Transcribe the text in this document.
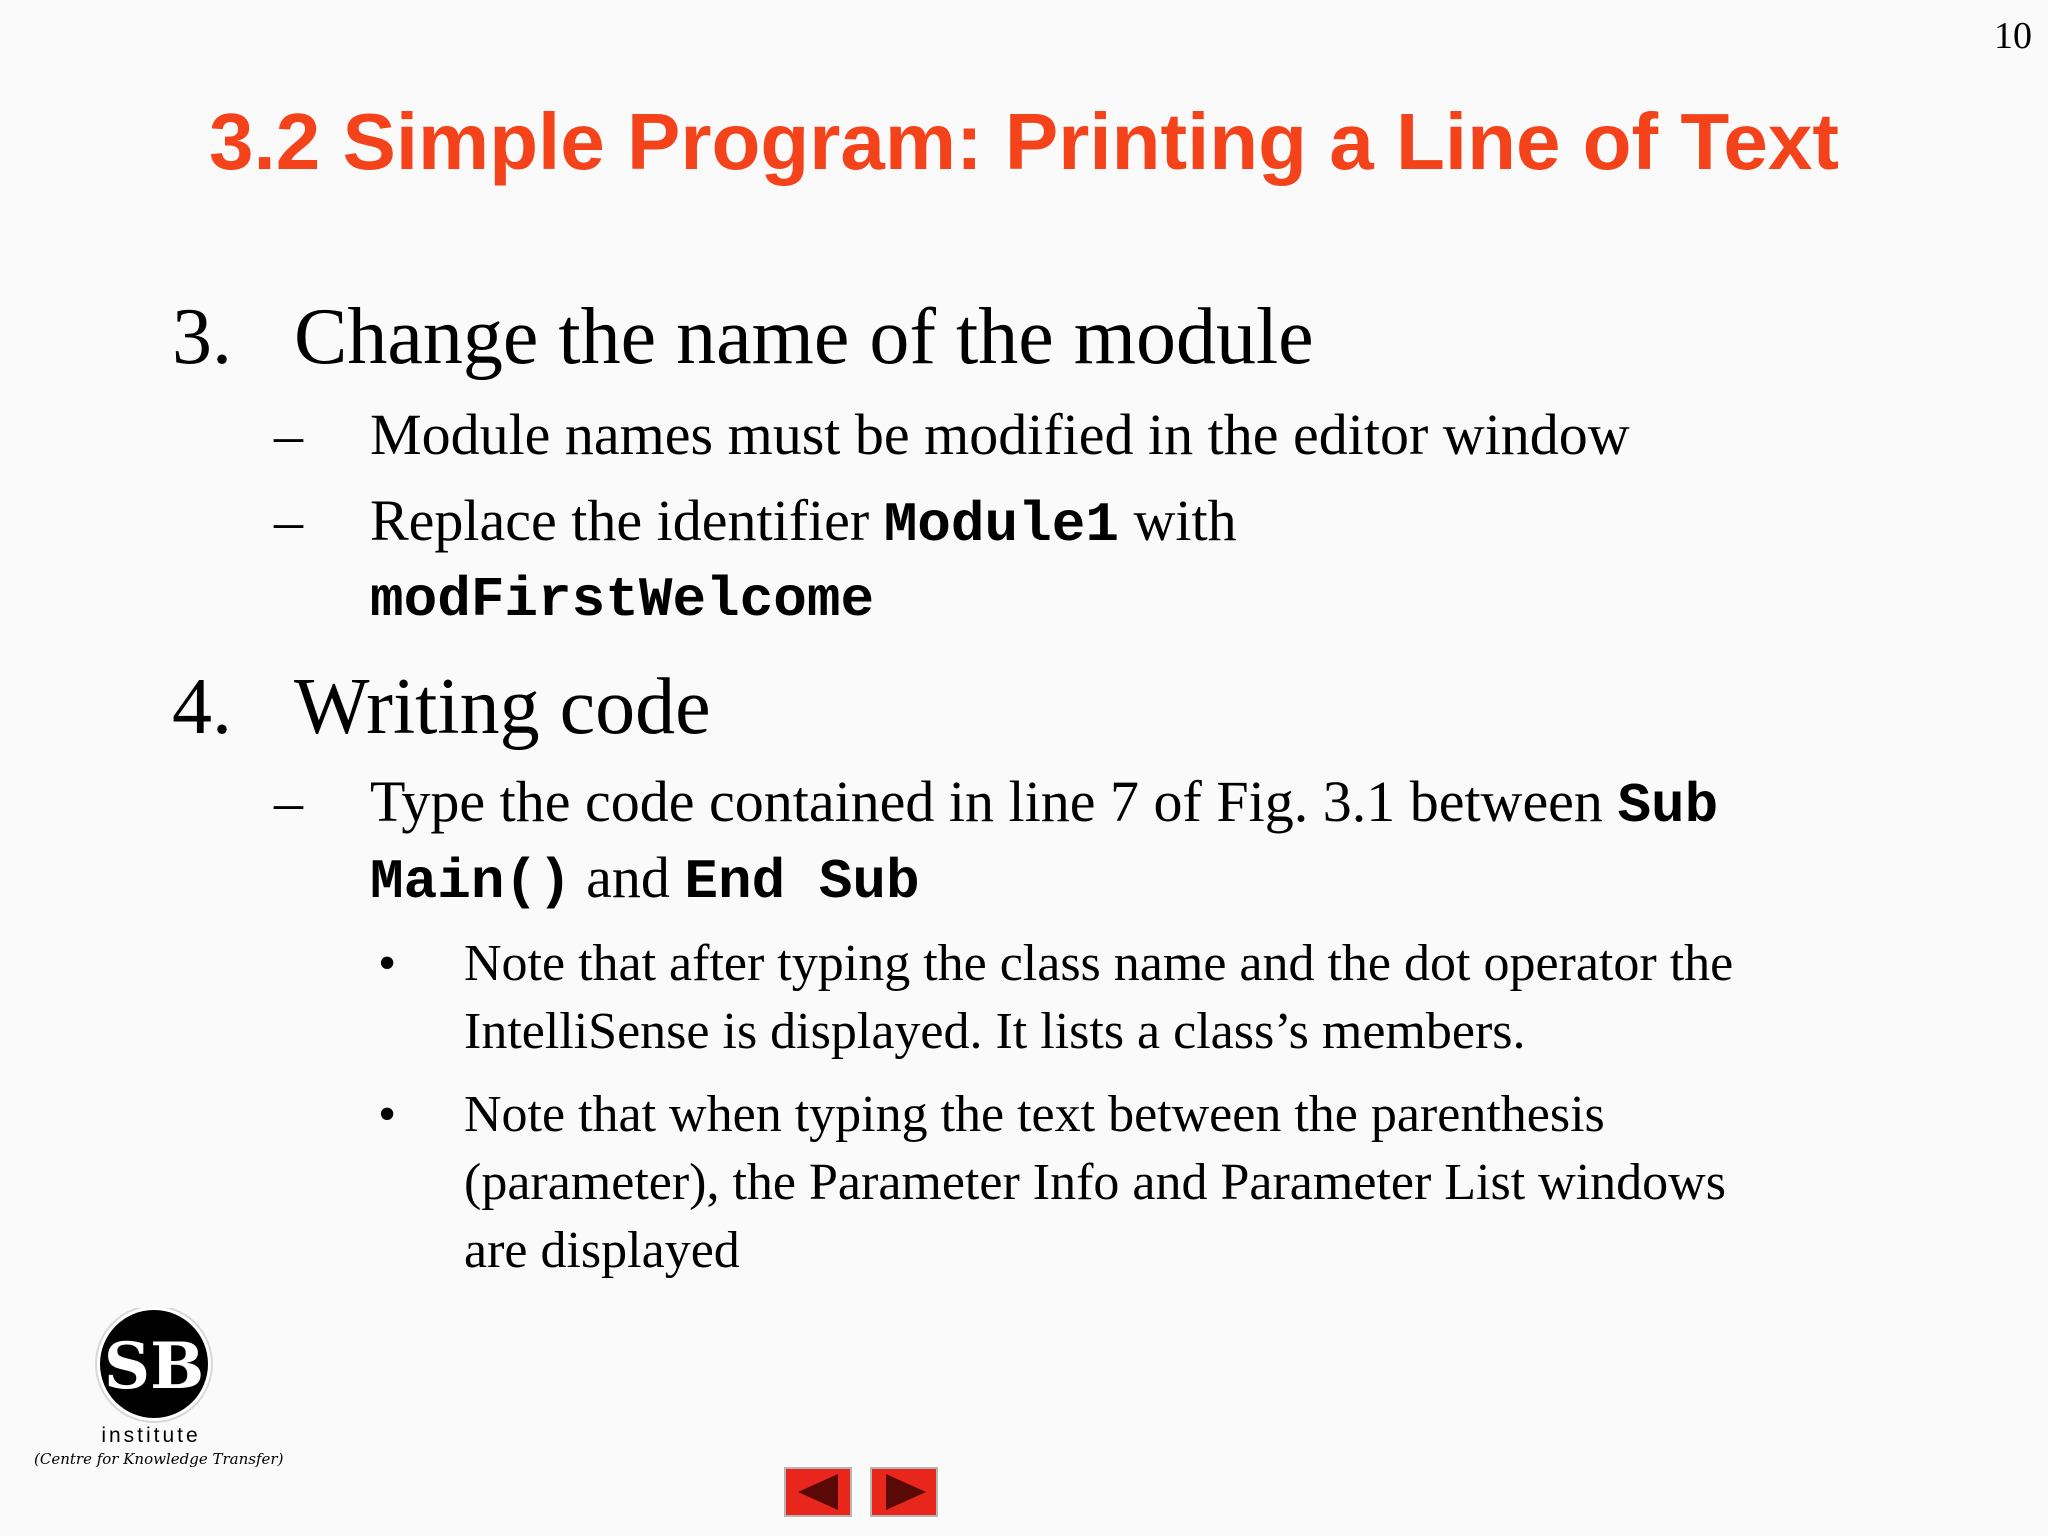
10
3.2 Simple Program: Printing a Line of Text
3. Change the name of the module
– Module names must be modified in the editor window
– Replace the identifier Module1 with
modFirstWelcome
4. Writing code
– Type the code contained in line 7 of Fig. 3.1 between Sub
Main() and End Sub
• Note that after typing the class name and the dot operator the
IntelliSense is displayed. It lists a class’s members.
• Note that when typing the text between the parenthesis
(parameter), the Parameter Info and Parameter List windows
are displayed
SB
institute
(Centre for Knowledge Transfer)
